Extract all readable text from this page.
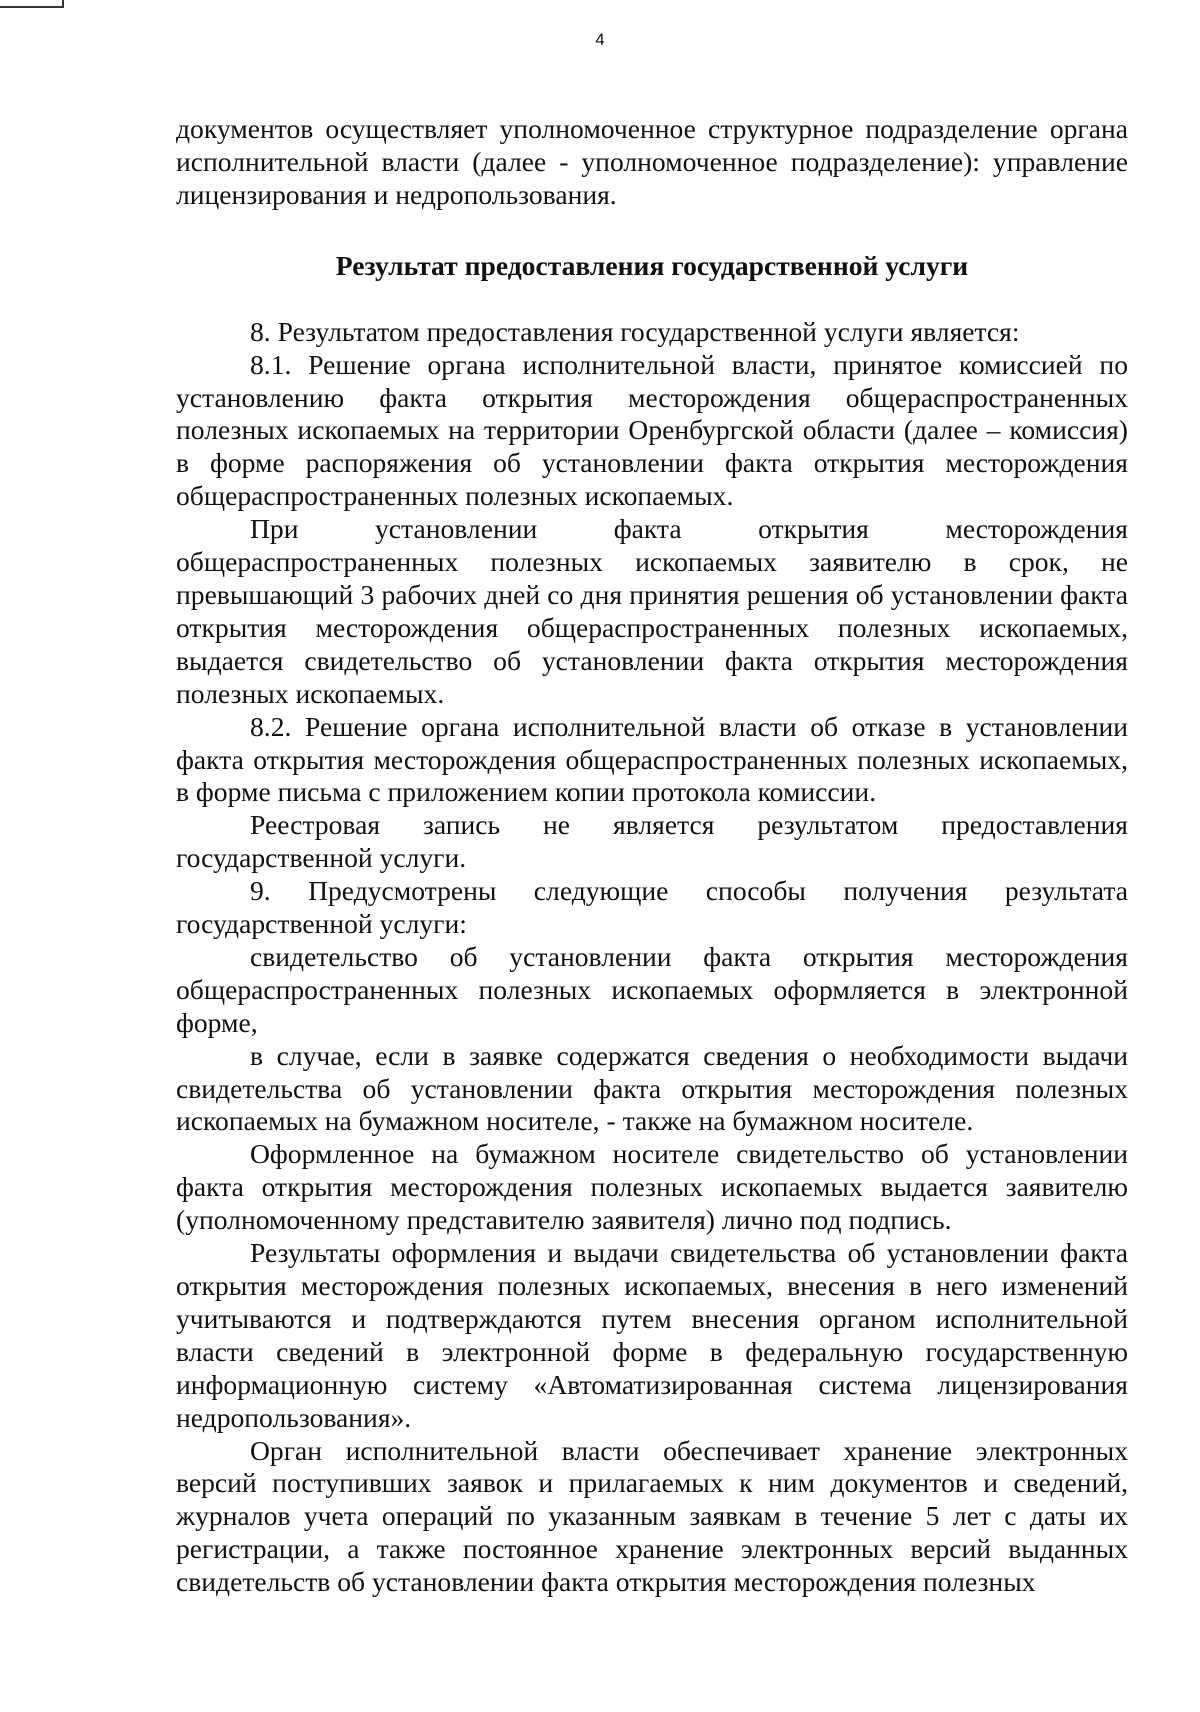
4

документов осуществляет уполномоченное структурное подразделение органа исполнительной власти (далее - уполномоченное подразделение): управление лицензирования и недропользования.

Результат предоставления государственной услуги

8. Результатом предоставления государственной услуги является:

8.1. Решение органа исполнительной власти, принятое комиссией по установлению факта открытия месторождения общераспространенных полезных ископаемых на территории Оренбургской области (далее – комиссия) в форме распоряжения об установлении факта открытия месторождения общераспространенных полезных ископаемых.

При установлении факта открытия месторождения общераспространенных полезных ископаемых заявителю в срок, не превышающий 3 рабочих дней со дня принятия решения об установлении факта открытия месторождения общераспространенных полезных ископаемых, выдается свидетельство об установлении факта открытия месторождения полезных ископаемых.

8.2. Решение органа исполнительной власти об отказе в установлении факта открытия месторождения общераспространенных полезных ископаемых, в форме письма с приложением копии протокола комиссии.

Реестровая запись не является результатом предоставления государственной услуги.

9. Предусмотрены следующие способы получения результата государственной услуги:

свидетельство об установлении факта открытия месторождения общераспространенных полезных ископаемых оформляется в электронной форме,

в случае, если в заявке содержатся сведения о необходимости выдачи свидетельства об установлении факта открытия месторождения полезных ископаемых на бумажном носителе, - также на бумажном носителе.

Оформленное на бумажном носителе свидетельство об установлении факта открытия месторождения полезных ископаемых выдается заявителю (уполномоченному представителю заявителя) лично под подпись.

Результаты оформления и выдачи свидетельства об установлении факта открытия месторождения полезных ископаемых, внесения в него изменений учитываются и подтверждаются путем внесения органом исполнительной власти сведений в электронной форме в федеральную государственную информационную систему «Автоматизированная система лицензирования недропользования».

Орган исполнительной власти обеспечивает хранение электронных версий поступивших заявок и прилагаемых к ним документов и сведений, журналов учета операций по указанным заявкам в течение 5 лет с даты их регистрации, а также постоянное хранение электронных версий выданных свидетельств об установлении факта открытия месторождения полезных
